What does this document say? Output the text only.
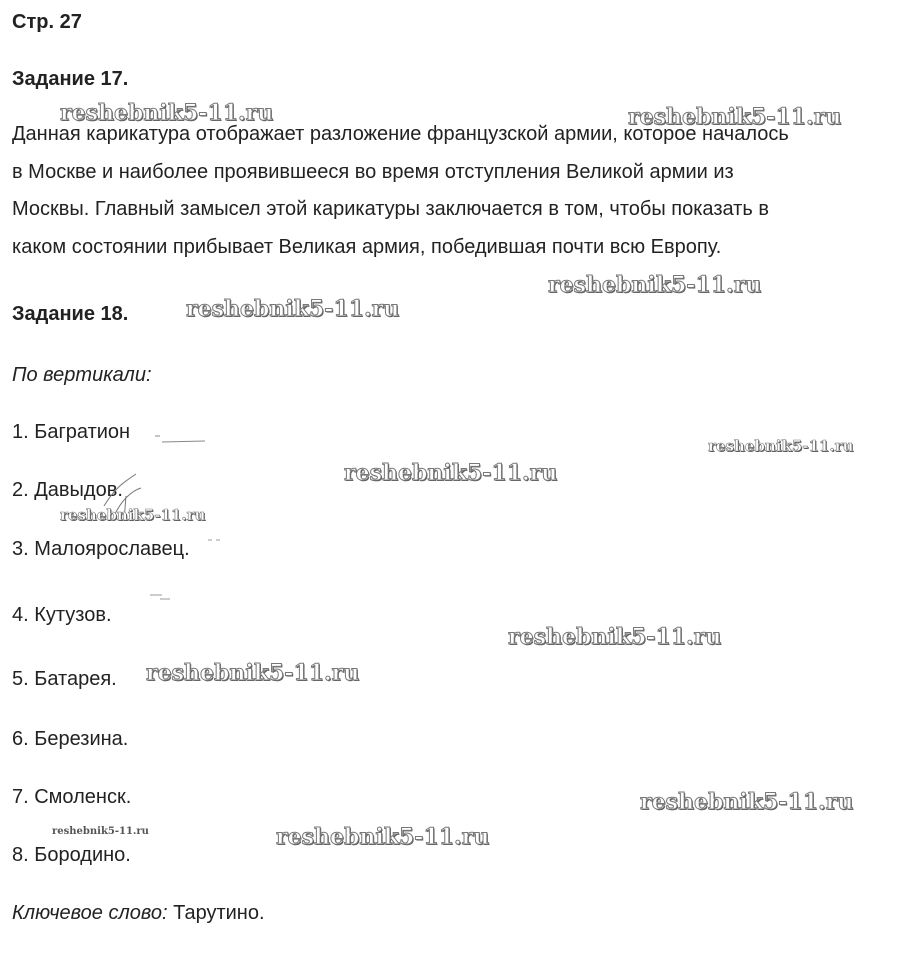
Стр. 27
Задание 17.
Данная карикатура отображает разложение французской армии, которое началось
в Москве и наиболее проявившееся во время отступления Великой армии из
Москвы. Главный замысел этой карикатуры заключается в том, чтобы показать в
каком состоянии прибывает Великая армия, победившая почти всю Европу.
Задание 18.
По вертикали:
1. Багратион
2. Давыдов.
3. Малоярославец.
4. Кутузов.
5. Батарея.
6. Березина.
7. Смоленск.
8. Бородино.
Ключевое слово: Тарутино.
reshebnik5-11.ru	reshebnik5-11.ru
reshebnik5-11.ru
reshebnik5-11.ru
reshebnik5-11.ru
reshebnik5-11.ru
reshebnik5-11.ru
reshebnik5-11.ru
reshebnik5-11.ru
reshebnik5-11.ru
reshebnik5-11.ru	reshebnik5-11.ru
